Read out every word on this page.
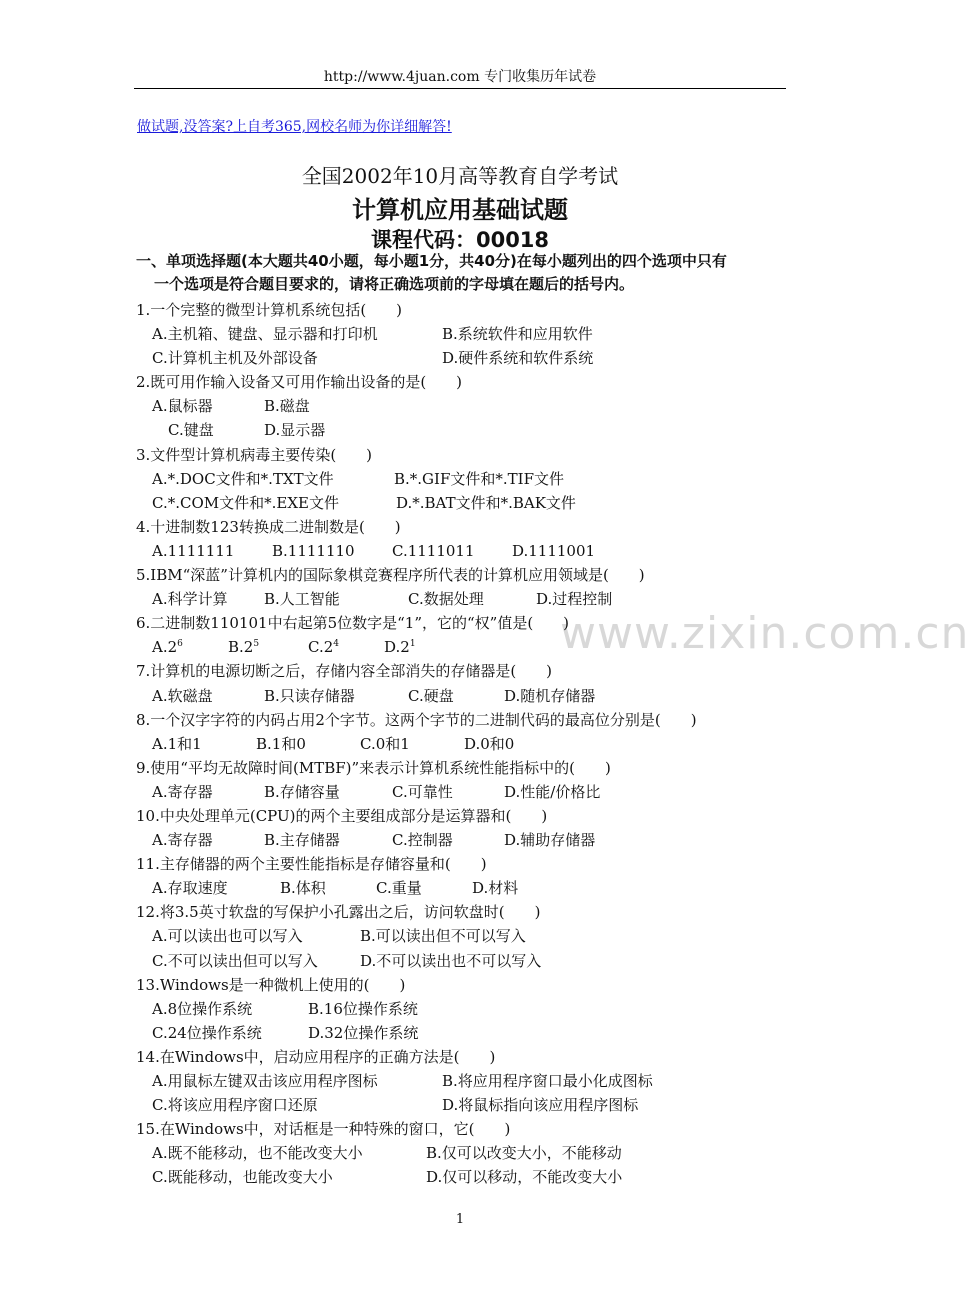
http://www.4juan.com 专门收集历年试卷
做试题,没答案?上自考365,网校名师为你详细解答!
全国2002年10月高等教育自学考试
计算机应用基础试题
课程代码：00018
一、单项选择题(本大题共40小题，每小题1分，共40分)在每小题列出的四个选项中只有
一个选项是符合题目要求的，请将正确选项前的字母填在题后的括号内。
www.zixin.com.cn
1.一个完整的微型计算机系统包括(　　)
A.主机箱、键盘、显示器和打印机	B.系统软件和应用软件
C.计算机主机及外部设备	D.硬件系统和软件系统
2.既可用作输入设备又可用作输出设备的是(　　)
A.鼠标器	B.磁盘
C.键盘	D.显示器
3.文件型计算机病毒主要传染(　　)
A.*.DOC文件和*.TXT文件	B.*.GIF文件和*.TIF文件
C.*.COM文件和*.EXE文件	D.*.BAT文件和*.BAK文件
4.十进制数123转换成二进制数是(　　)
A.1111111	B.1111110 C.1111011 D.1111001
5.IBM“深蓝”计算机内的国际象棋竞赛程序所代表的计算机应用领域是(　　)
A.科学计算 B.人工智能	C.数据处理	D.过程控制
6.二进制数110101中右起第5位数字是“1”，它的“权”值是(　　)
$A.2^6$	$B.2^5$	$C.2^4$	$D.2^1$
7.计算机的电源切断之后，存储内容全部消失的存储器是(　　)
A.软磁盘	B.只读存储器	C.硬盘	D.随机存储器
8.一个汉字字符的内码占用2个字节。这两个字节的二进制代码的最高位分别是(　　)
A.1和1	B.1和0	C.0和1	D.0和0
9.使用“平均无故障时间(MTBF)”来表示计算机系统性能指标中的(　　)
A.寄存器	B.存储容量	C.可靠性	D.性能/价格比
10.中央处理单元(CPU)的两个主要组成部分是运算器和(　　)
A.寄存器	B.主存储器	C.控制器	D.辅助存储器
11.主存储器的两个主要性能指标是存储容量和(　　)
A.存取速度	B.体积	C.重量	D.材料
12.将3.5英寸软盘的写保护小孔露出之后，访问软盘时(　　)
A.可以读出也可以写入	B.可以读出但不可以写入
C.不可以读出但可以写入	D.不可以读出也不可以写入
13.Windows是一种微机上使用的(　　)
A.8位操作系统	B.16位操作系统
C.24位操作系统	D.32位操作系统
14.在Windows中，启动应用程序的正确方法是(　　)
A.用鼠标左键双击该应用程序图标	B.将应用程序窗口最小化成图标
C.将该应用程序窗口还原	D.将鼠标指向该应用程序图标
15.在Windows中，对话框是一种特殊的窗口，它(　　)
A.既不能移动，也不能改变大小	B.仅可以改变大小，不能移动
C.既能移动，也能改变大小	D.仅可以移动，不能改变大小
1
